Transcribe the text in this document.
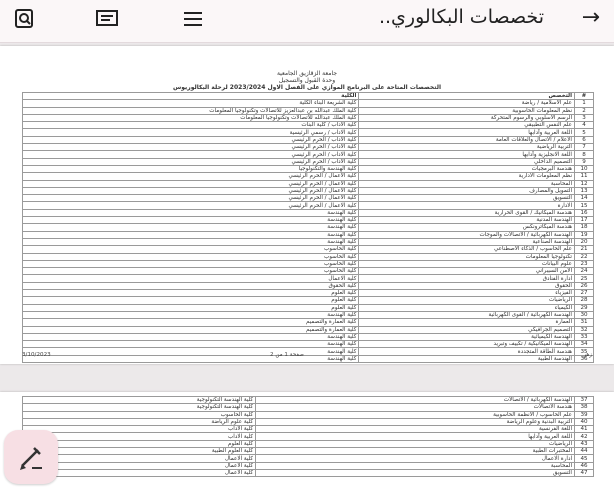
تخصصات البكالوري.. →
جامعة الزقازيق الجامعية
وحدة القبول والتسجيل
التخصصات المتاحة على البرنامج الموازي على الفصل الاول 2023/2024 لرحلة البكالوريوس
#	التخصص	الكلية
1	علم الاسلامية / رياضة	كلية الشريعة البناء الكلية
2	نظم المعلومات الحاسوبية	كلية الملك عبدالله بن عبدالعزيز للاتصالات وتكنولوجيا المعلومات
3	الرسم الاسلوبي والرسوم المتحركة	كلية الملك عبدالله للاتصالات وتكنولوجيا المعلومات
4	علم النفس التطبيقي	كلية الاداب / كلية البنات
5	اللغة العربية وآدابها	كلية الاداب / رسمي الرئيسية
6	الاعلام / الاتصال والعلاقات العامة	كلية الاداب / الحرم الرئيسي
7	التربية الرياضية	كلية الاداب / الحرم الرئيسي
8	اللغة الانجليزية وآدابها	كلية الاداب / الحرم الرئيسي
9	التصميم الداخلي	كلية الاداب / الحرم الرئيسي
10	هندسة البرمجيات	كلية الهندسة والتكنولوجيا
11	نظم المعلومات الادارية	كلية الاعمال / الحرم الرئيسي
12	المحاسبة	كلية الاعمال / الحرم الرئيسي
13	التمويل والمصارف	كلية الاعمال / الحرم الرئيسي
14	التسويق	كلية الاعمال / الحرم الرئيسي
15	الادارة	كلية الاعمال / الحرم الرئيسي
16	هندسة الميكانيك / القوى الحرارية	كلية الهندسة
17	الهندسة المدنية	كلية الهندسة
18	هندسة الميكاترونكس	كلية الهندسة
19	الهندسة الكهربائية / الاتصالات والموجات	كلية الهندسة
20	الهندسة الصناعية	كلية الهندسة
21	علم الحاسوب / الذكاء الاصطناعي	كلية الحاسوب
22	تكنولوجيا المعلومات	كلية الحاسوب
23	علوم البيانات	كلية الحاسوب
24	الامن السيبراني	كلية الحاسوب
25	ادارة الفنادق	كلية الاعمال
26	الحقوق	كلية الحقوق
27	الفيزياء	كلية العلوم
28	الرياضيات	كلية العلوم
29	الكيمياء	كلية العلوم
30	الهندسة الكهربائية / القوى الكهربائية	كلية الهندسة
31	العمارة	كلية العمارة والتصميم
32	التصميم الجرافيكي	كلية العمارة والتصميم
33	الهندسة الكيميائية	كلية الهندسة
34	الهندسة الميكانيكية / تكييف وتبريد	كلية الهندسة
35	هندسة الطاقة المتجددة	كلية الهندسة
36	الهندسة الطبية	كلية الهندسة
3/10/2023	صفحة 1 من 2	زهر
37	الهندسة الكهربائية / الاتصالات	كلية الهندسة التكنولوجية
38	هندسة الاتصالات	كلية الهندسة التكنولوجية
39	علم الحاسوب / الانظمة الحاسوبية	كلية الحاسوب
40	التربية البدنية وعلوم الرياضة	كلية علوم الرياضة
41	اللغة الفرنسية	كلية الاداب
42	اللغة العربية وآدابها	كلية الاداب
43	الرياضيات	كلية العلوم
44	المختبرات الطبية	كلية العلوم الطبية
45	ادارة الاعمال	كلية الاعمال
46	المحاسبة	كلية الاعمال
47	التسويق	كلية الاعمال
